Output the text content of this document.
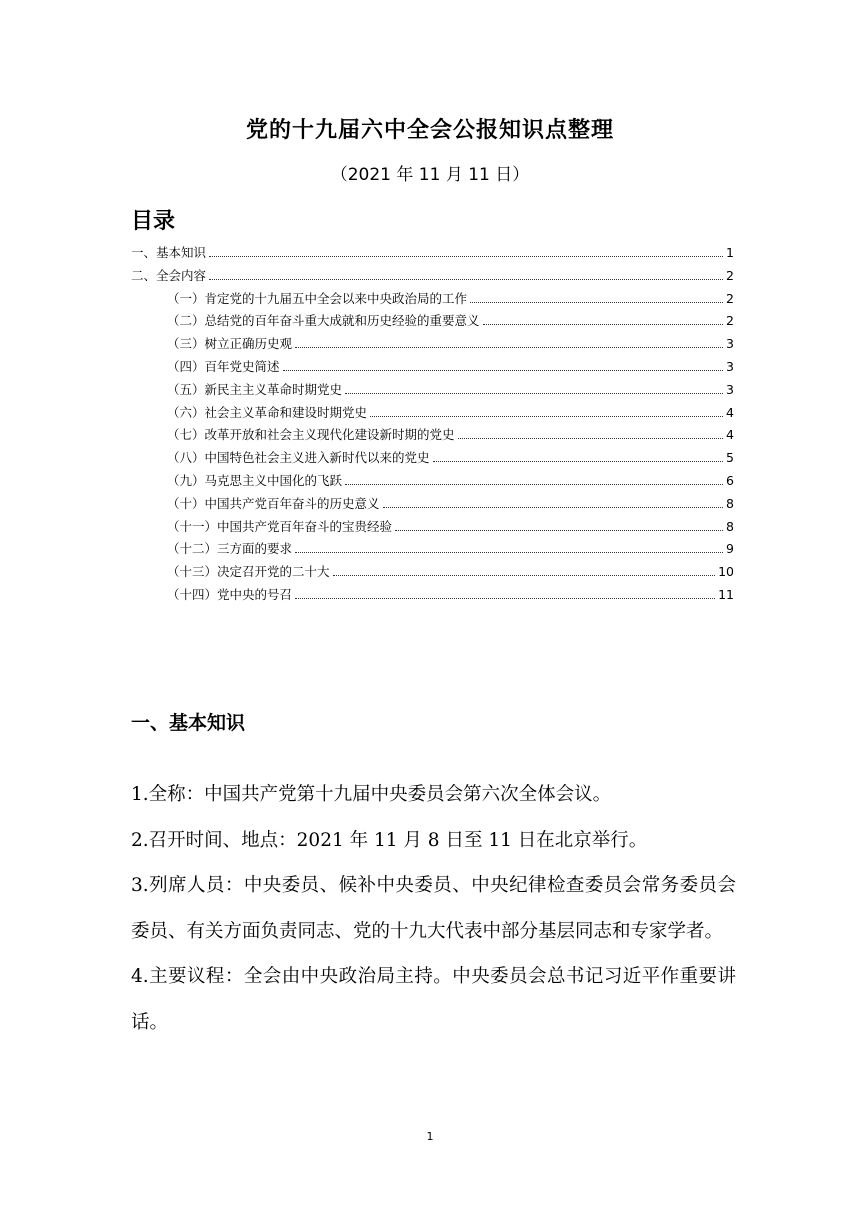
党的十九届六中全会公报知识点整理
（2021 年 11 月 11 日）
目录
一、基本知识	1
二、全会内容	2
（一）肯定党的十九届五中全会以来中央政治局的工作	2
（二）总结党的百年奋斗重大成就和历史经验的重要意义	2
（三）树立正确历史观	3
（四）百年党史简述	3
（五）新民主主义革命时期党史	3
（六）社会主义革命和建设时期党史	4
（七）改革开放和社会主义现代化建设新时期的党史	4
（八）中国特色社会主义进入新时代以来的党史	5
（九）马克思主义中国化的飞跃	6
（十）中国共产党百年奋斗的历史意义	8
（十一）中国共产党百年奋斗的宝贵经验	8
（十二）三方面的要求	9
（十三）决定召开党的二十大	10
（十四）党中央的号召	11
一、基本知识

1.全称：中国共产党第十九届中央委员会第六次全体会议。

2.召开时间、地点：2021 年 11 月 8 日至 11 日在北京举行。

3.列席人员：中央委员、候补中央委员、中央纪律检查委员会常务委员会委员、有关方面负责同志、党的十九大代表中部分基层同志和专家学者。

4.主要议程：全会由中央政治局主持。中央委员会总书记习近平作重要讲话。

1
